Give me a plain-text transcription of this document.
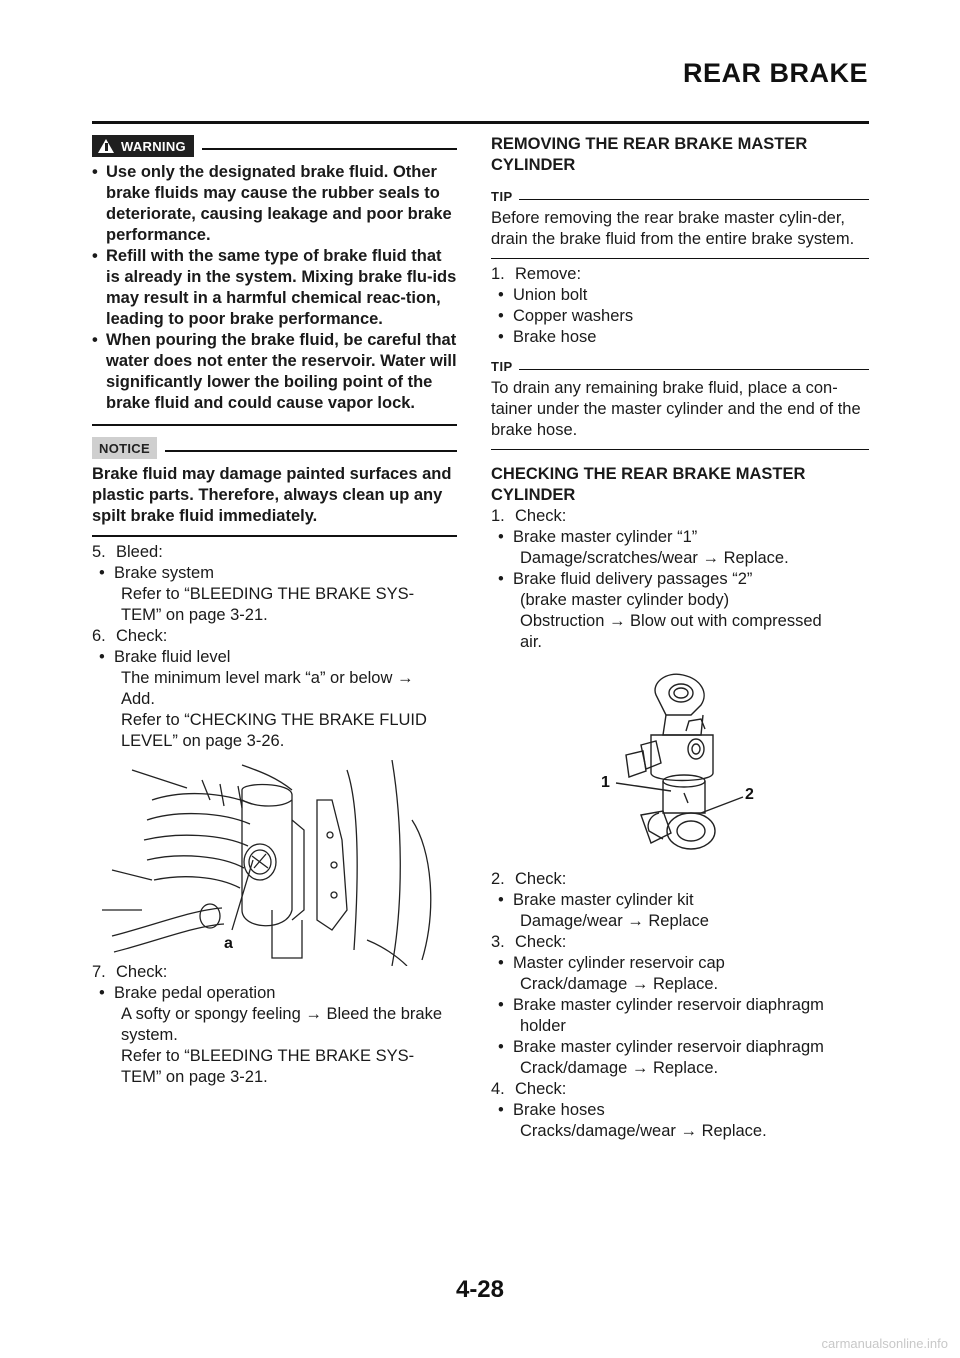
REAR BRAKE
WARNING
• Use only the designated brake fluid. Other brake fluids may cause the rubber seals to deteriorate, causing leakage and poor brake performance.
• Refill with the same type of brake fluid that is already in the system. Mixing brake flu-ids may result in a harmful chemical reac-tion, leading to poor brake performance.
• When pouring the brake fluid, be careful that water does not enter the reservoir. Water will significantly lower the boiling point of the brake fluid and could cause vapor lock.
NOTICE
Brake fluid may damage painted surfaces and plastic parts. Therefore, always clean up any spilt brake fluid immediately.
5. Bleed:
• Brake system
Refer to “BLEEDING THE BRAKE SYS-
TEM” on page 3-21.
6. Check:
• Brake fluid level
The minimum level mark “a” or below →
Add.
Refer to “CHECKING THE BRAKE FLUID
LEVEL” on page 3-26.
a
7. Check:
• Brake pedal operation
A softy or spongy feeling → Bleed the brake
system.
Refer to “BLEEDING THE BRAKE SYS-
TEM” on page 3-21.
REMOVING THE REAR BRAKE MASTER CYLINDER
TIP
Before removing the rear brake master cylin-der, drain the brake fluid from the entire brake system.
1. Remove:
• Union bolt
• Copper washers
• Brake hose
TIP
To drain any remaining brake fluid, place a con-tainer under the master cylinder and the end of the brake hose.
CHECKING THE REAR BRAKE MASTER CYLINDER
1. Check:
• Brake master cylinder “1”
Damage/scratches/wear → Replace.
• Brake fluid delivery passages “2”
(brake master cylinder body)
Obstruction → Blow out with compressed
air.
1
2
2. Check:
• Brake master cylinder kit
Damage/wear → Replace
3. Check:
• Master cylinder reservoir cap
Crack/damage → Replace.
• Brake master cylinder reservoir diaphragm
holder
• Brake master cylinder reservoir diaphragm
Crack/damage → Replace.
4. Check:
• Brake hoses
Cracks/damage/wear → Replace.
4-28
carmanualsonline.info
